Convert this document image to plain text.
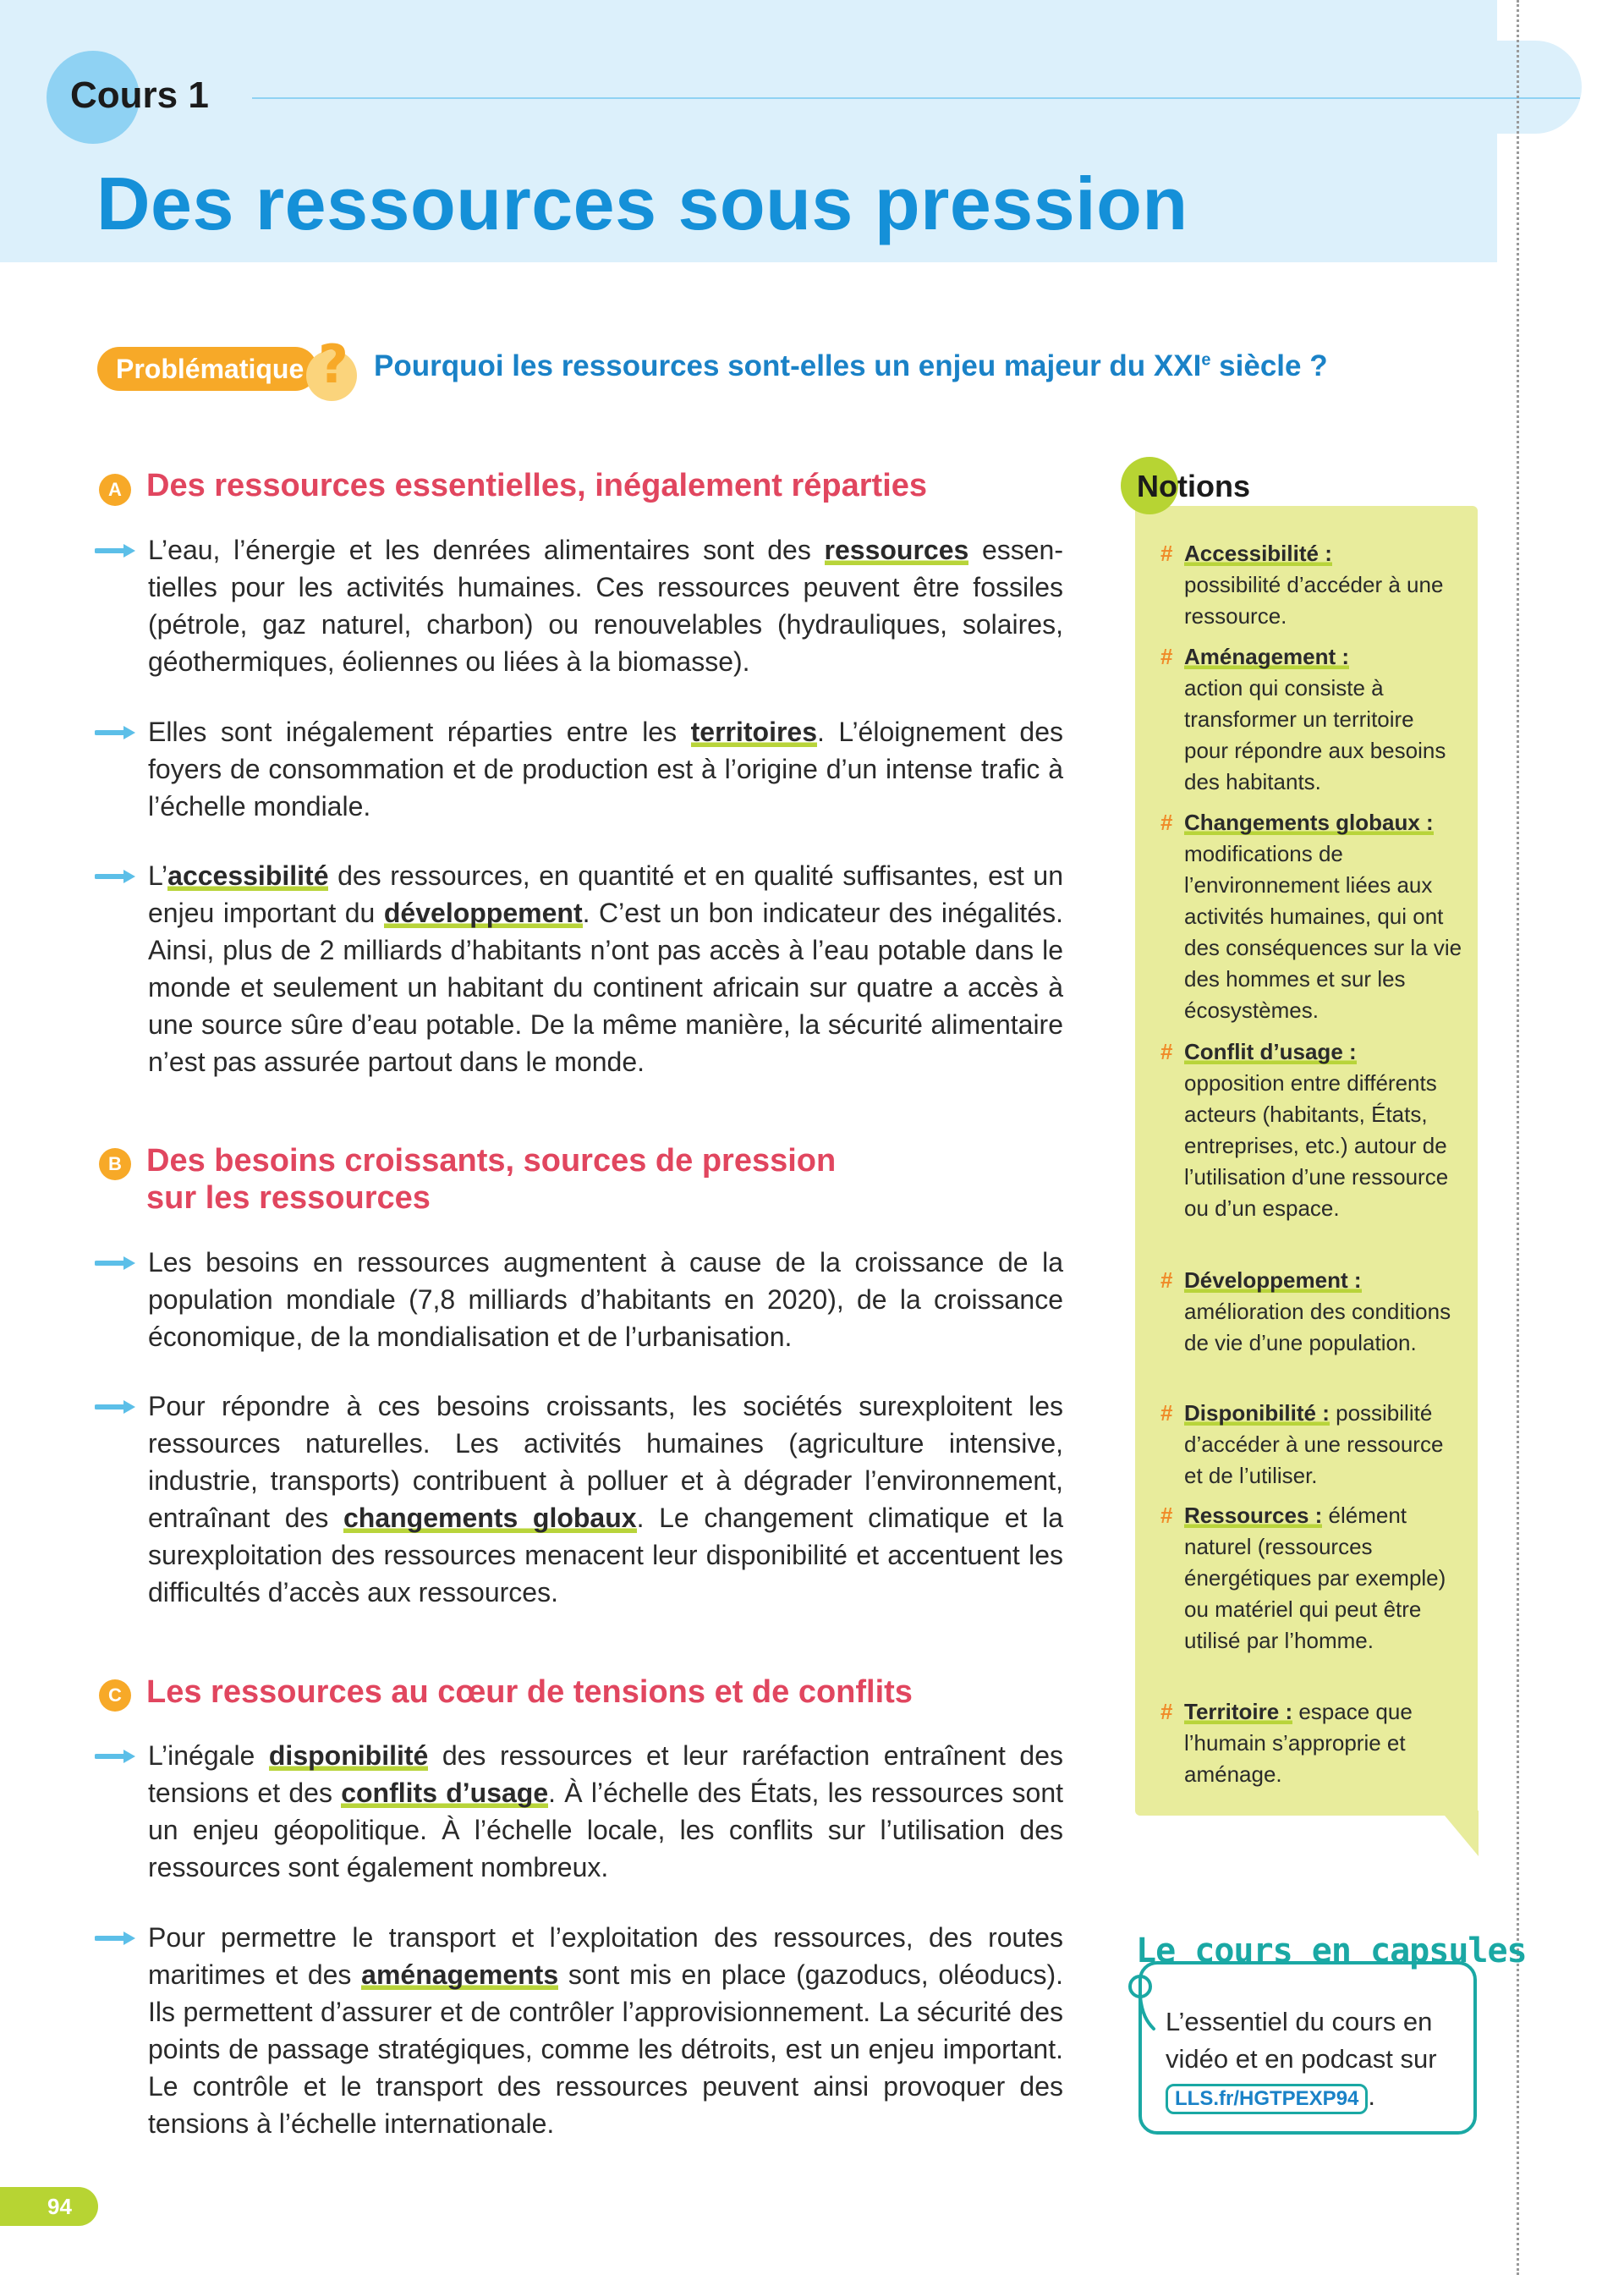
Cours 1
Des ressources sous pression
Problématique ? Pourquoi les ressources sont-elles un enjeu majeur du XXIe siècle ?
A Des ressources essentielles, inégalement réparties
L’eau, l’énergie et les denrées alimentaires sont des ressources essentielles pour les activités humaines. Ces ressources peuvent être fossiles (pétrole, gaz naturel, charbon) ou renouvelables (hydrauliques, solaires, géothermiques, éoliennes ou liées à la biomasse).
Elles sont inégalement réparties entre les territoires. L’éloignement des foyers de consommation et de production est à l’origine d’un intense trafic à l’échelle mondiale.
L’accessibilité des ressources, en quantité et en qualité suffisantes, est un enjeu important du développement. C’est un bon indicateur des inégalités. Ainsi, plus de 2 milliards d’habitants n’ont pas accès à l’eau potable dans le monde et seulement un habitant du continent africain sur quatre a accès à une source sûre d’eau potable. De la même manière, la sécurité alimentaire n’est pas assurée partout dans le monde.
B Des besoins croissants, sources de pression
sur les ressources
Les besoins en ressources augmentent à cause de la croissance de la population mondiale (7,8 milliards d’habitants en 2020), de la croissance économique, de la mondialisation et de l’urbanisation.
Pour répondre à ces besoins croissants, les sociétés surexploitent les ressources naturelles. Les activités humaines (agriculture intensive, industrie, transports) contribuent à polluer et à dégrader l’environnement, entraînant des changements globaux. Le changement climatique et la surexploitation des ressources menacent leur disponibilité et accentuent les difficultés d’accès aux ressources.
C Les ressources au cœur de tensions et de conflits
L’inégale disponibilité des ressources et leur raréfaction entraînent des tensions et des conflits d’usage. À l’échelle des États, les ressources sont un enjeu géopolitique. À l’échelle locale, les conflits sur l’utilisation des ressources sont également nombreux.
Pour permettre le transport et l’exploitation des ressources, des routes maritimes et des aménagements sont mis en place (gazoducs, oléoducs). Ils permettent d’assurer et de contrôler l’approvisionnement. La sécurité des points de passage stratégiques, comme les détroits, est un enjeu important. Le contrôle et le transport des ressources peuvent ainsi provoquer des tensions à l’échelle internationale.
Notions
# Accessibilité :
possibilité d’accéder à une ressource.
# Aménagement :
action qui consiste à transformer un territoire pour répondre aux besoins des habitants.
# Changements globaux :
modifications de l’environnement liées aux activités humaines, qui ont des conséquences sur la vie des hommes et sur les écosystèmes.
# Conflit d’usage :
opposition entre différents acteurs (habitants, États, entreprises, etc.) autour de l’utilisation d’une ressource ou d’un espace.
# Développement :
amélioration des conditions de vie d’une population.
# Disponibilité : possibilité d’accéder à une ressource et de l’utiliser.
# Ressources : élément naturel (ressources énergétiques par exemple) ou matériel qui peut être utilisé par l’homme.
# Territoire : espace que l’humain s’approprie et aménage.
Le cours en capsules
L’essentiel du cours en vidéo et en podcast sur LLS.fr/HGTPEXP94 .
94
